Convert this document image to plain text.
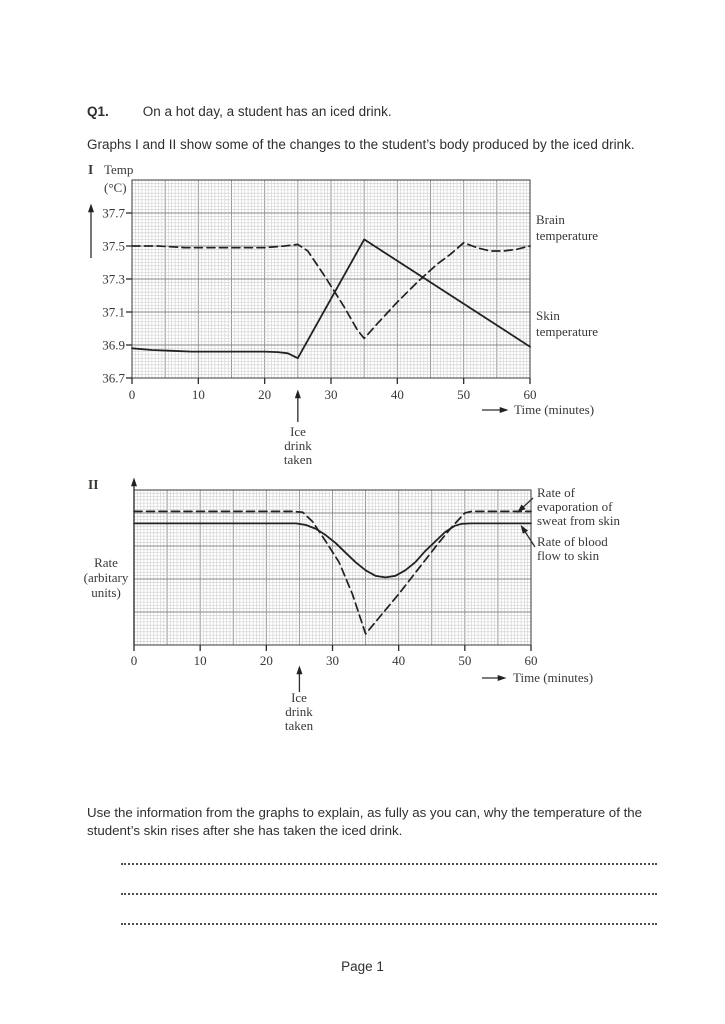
Q1.	On a hot day, a student has an iced drink.
Graphs I and II show some of the changes to the student’s body produced by the iced drink.
0	10	20	30	40	50	60
37.7
37.5
37.3
37.1
36.9
36.7
I Temp
(°C)
Brain
temperature
Skin
temperature
Ice
drink
taken
Time (minutes)
0	10	20	30	40	50	60
II
Rate
(arbitary
units)
Rate of
evaporation of
sweat from skin
Rate of blood
flow to skin
Ice
drink
taken
Time (minutes)
Use the information from the graphs to explain, as fully as you can, why the temperature of the
student’s skin rises after she has taken the iced drink.
Page 1
